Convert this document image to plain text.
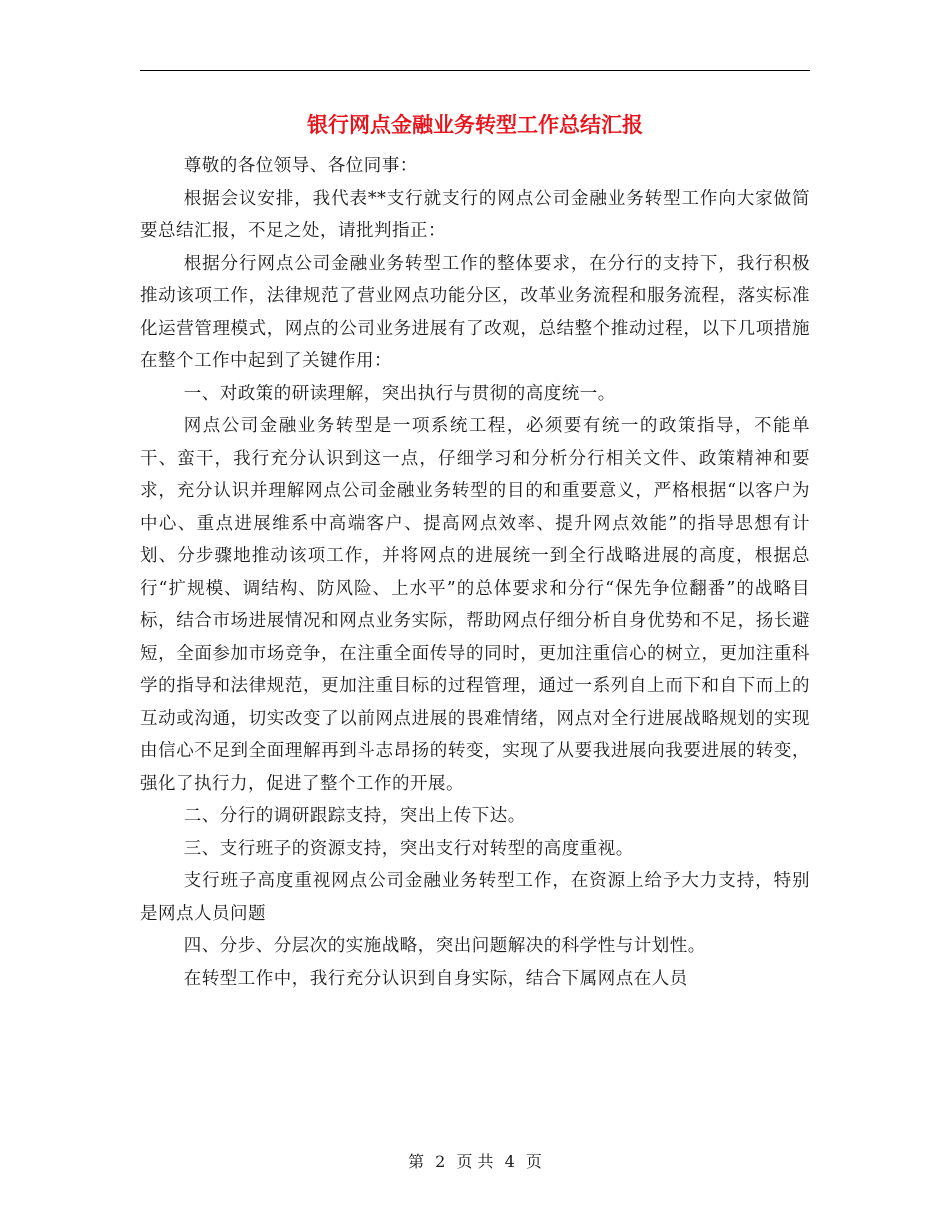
银行网点金融业务转型工作总结汇报

尊敬的各位领导、各位同事：

根据会议安排，我代表**支行就支行的网点公司金融业务转型工作向大家做简要总结汇报，不足之处，请批判指正：

根据分行网点公司金融业务转型工作的整体要求，在分行的支持下，我行积极推动该项工作，法律规范了营业网点功能分区，改革业务流程和服务流程，落实标准化运营管理模式，网点的公司业务进展有了改观，总结整个推动过程，以下几项措施在整个工作中起到了关键作用：

一、对政策的研读理解，突出执行与贯彻的高度统一。

网点公司金融业务转型是一项系统工程，必须要有统一的政策指导，不能单干、蛮干，我行充分认识到这一点，仔细学习和分析分行相关文件、政策精神和要求，充分认识并理解网点公司金融业务转型的目的和重要意义，严格根据“以客户为中心、重点进展维系中高端客户、提高网点效率、提升网点效能”的指导思想有计划、分步骤地推动该项工作，并将网点的进展统一到全行战略进展的高度，根据总行“扩规模、调结构、防风险、上水平”的总体要求和分行“保先争位翻番”的战略目标，结合市场进展情况和网点业务实际，帮助网点仔细分析自身优势和不足，扬长避短，全面参加市场竞争，在注重全面传导的同时，更加注重信心的树立，更加注重科学的指导和法律规范，更加注重目标的过程管理，通过一系列自上而下和自下而上的互动或沟通，切实改变了以前网点进展的畏难情绪，网点对全行进展战略规划的实现由信心不足到全面理解再到斗志昂扬的转变，实现了从要我进展向我要进展的转变，强化了执行力，促进了整个工作的开展。

二、分行的调研跟踪支持，突出上传下达。

三、支行班子的资源支持，突出支行对转型的高度重视。

支行班子高度重视网点公司金融业务转型工作，在资源上给予大力支持，特别是网点人员问题

四、分步、分层次的实施战略，突出问题解决的科学性与计划性。

在转型工作中，我行充分认识到自身实际，结合下属网点在人员

第 2 页 共 4 页
